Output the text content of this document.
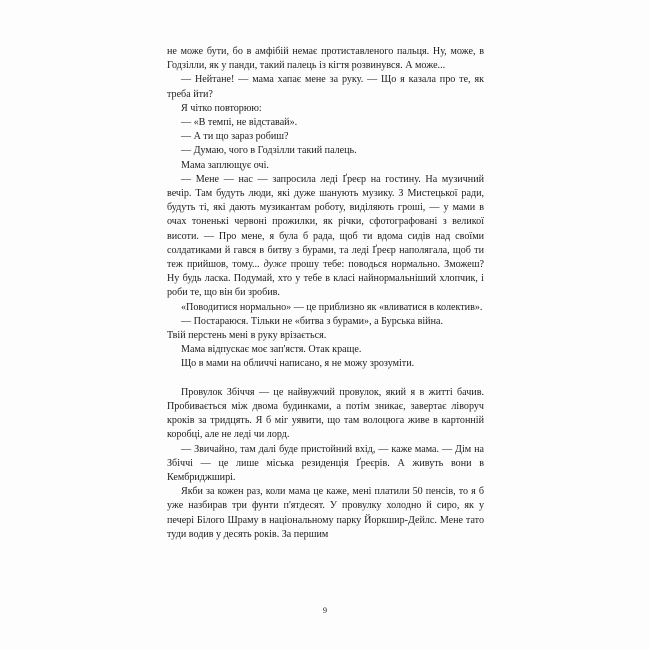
не може бути, бо в амфібій немає протиставленого пальця. Ну, може, в Годзілли, як у панди, такий палець із кігтя розвинувся. А може...

— Нейтане! — мама хапає мене за руку. — Що я казала про те, як треба йти?

Я чітко повторюю:

— «В темпі, не відставай».

— А ти що зараз робиш?

— Думаю, чого в Годзілли такий палець.

Мама заплющує очі.

— Мене — нас — запросила леді Ґреєр на гостину. На музичний вечір. Там будуть люди, які дуже шанують музику. З Мистецької ради, будуть ті, які дають музикантам роботу, виділяють гроші, — у мами в очах тоненькі червоні прожилки, як річки, сфотографовані з великої висоти. — Про мене, я була б рада, щоб ти вдома сидів над своїми солдатиками й гався в битву з бурами, та леді Ґреєр наполягала, щоб ти теж прийшов, тому... дуже прошу тебе: поводься нормально. Зможеш? Ну будь ласка. Подумай, хто у тебе в класі найнормальніший хлопчик, і роби те, що він би зробив.

«Поводитися нормально» — це приблизно як «вливатися в колектив».

— Постараюся. Тільки не «битва з бурами», а Бурська війна.

Твій перстень мені в руку врізається.

Мама відпускає моє зап'ястя. Отак краще.

Що в мами на обличчі написано, я не можу зрозуміти.

Провулок Збіччя — це найвужчий провулок, який я в житті бачив. Пробивається між двома будинками, а потім зникає, завертає ліворуч кроків за тридцять. Я б міг уявити, що там волоцюга живе в картонній коробці, але не леді чи лорд.

— Звичайно, там далі буде пристойний вхід, — каже мама. — Дім на Збіччі — це лише міська резиденція Ґреєрів. А живуть вони в Кембриджширі.

Якби за кожен раз, коли мама це каже, мені платили 50 пенсів, то я б уже назбирав три фунти п'ятдесят. У провулку холодно й сиро, як у печері Білого Шраму в національному парку Йоркшир-Дейлс. Мене тато туди водив у десять років. За першим

9
